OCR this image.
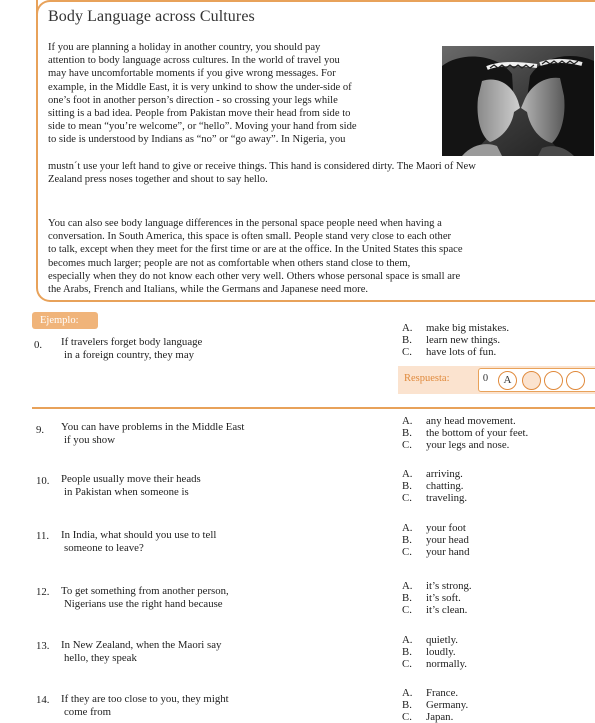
Body Language across Cultures
If you are planning a holiday in another country, you should pay
attention to body language across cultures. In the world of travel you
may have uncomfortable moments if you give wrong messages. For
example, in the Middle East, it is very unkind to show the under-side of
one’s foot in another person’s direction - so crossing your legs while
sitting is a bad idea. People from Pakistan move their head from side to
side to mean “you’re welcome”, or “hello”. Moving your hand from side
to side is understood by Indians as “no” or “go away”. In Nigeria, you
mustn´t use your left hand to give or receive things. This hand is considered dirty. The Maori of New
Zealand press noses together and shout to say hello.
You can also see body language differences in the personal space people need when having a
conversation. In South America, this space is often small. People stand very close to each other
to talk, except when they meet for the first time or are at the office. In the United States this space
becomes much larger; people are not as comfortable when others stand close to them,
especially when they do not know each other very well. Others whose personal space is small are
the Arabs, French and Italians, while the Germans and Japanese need more.
Ejemplo:
0. If travelers forget body language
in a foreign country, they may
A. make big mistakes.
B. learn new things.
C. have lots of fun.
Respuesta:	0	A
9. You can have problems in the Middle East
if you show
A. any head movement.
B. the bottom of your feet.
C. your legs and nose.
10. People usually move their heads
in Pakistan when someone is
A. arriving.
B. chatting.
C. traveling.
11. In India, what should you use to tell
someone to leave?
A. your foot
B. your head
C. your hand
12. To get something from another person,
Nigerians use the right hand because
A. it’s strong.
B. it’s soft.
C. it’s clean.
13. In New Zealand, when the Maori say
hello, they speak
A. quietly.
B. loudly.
C. normally.
14. If they are too close to you, they might
come from
A. France.
B. Germany.
C. Japan.
